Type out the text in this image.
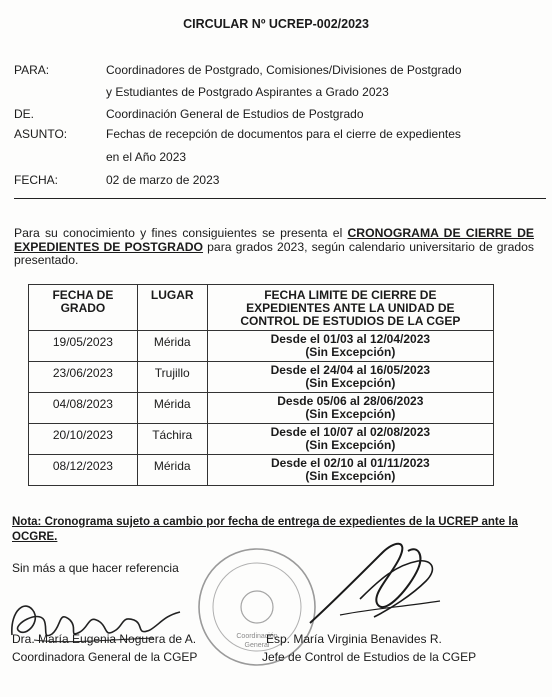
CIRCULAR Nº UCREP-002/2023
PARA:	Coordinadores de Postgrado, Comisiones/Divisiones de Postgrado
y Estudiantes de Postgrado Aspirantes a Grado 2023
DE.	Coordinación General de Estudios de Postgrado
ASUNTO:	Fechas de recepción de documentos para el cierre de expedientes
en el Año 2023
FECHA:	02 de marzo de 2023
Para su conocimiento y fines consiguientes se presenta el CRONOGRAMA DE CIERRE DE EXPEDIENTES DE POSTGRADO para grados 2023, según calendario universitario de grados presentado.
FECHA DE GRADO	LUGAR	FECHA LIMITE DE CIERRE DE EXPEDIENTES ANTE LA UNIDAD DE CONTROL DE ESTUDIOS DE LA CGEP
19/05/2023	Mérida	Desde el 01/03 al 12/04/2023
(Sin Excepción)

23/06/2023	Trujillo	Desde el 24/04 al 16/05/2023
(Sin Excepción)

04/08/2023	Mérida	Desde 05/06 al 28/06/2023
(Sin Excepción)

20/10/2023	Táchira	Desde el 10/07 al 02/08/2023
(Sin Excepción)

08/12/2023	Mérida	Desde el 02/10 al 01/11/2023
(Sin Excepción)
Nota: Cronograma sujeto a cambio por fecha de entrega de expedientes de la UCREP ante la OCGRE.
Sin más a que hacer referencia
Coordinación
General
Dra. María Eugenia Noguera de A.
Coordinadora General de la CGEP
Esp. María Virginia Benavides R.
Jefe de Control de Estudios de la CGEP
